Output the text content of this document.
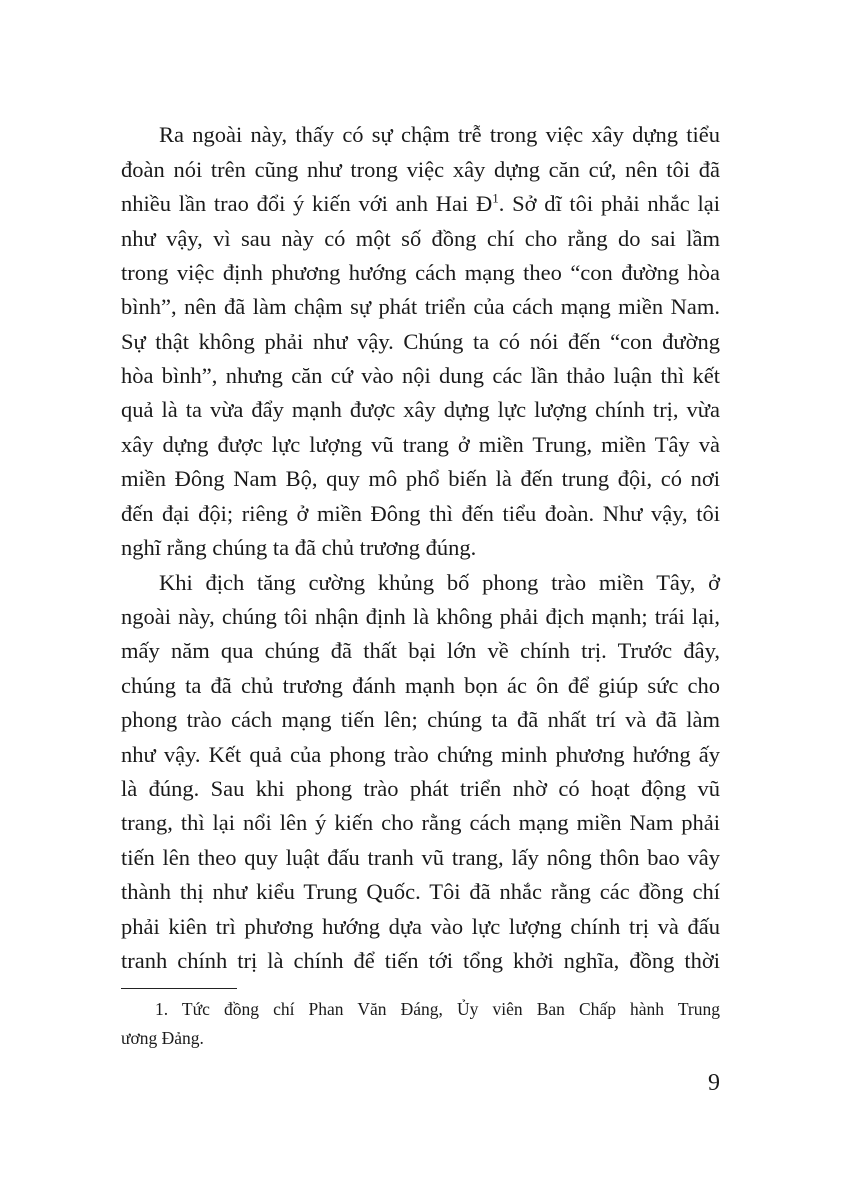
Ra ngoài này, thấy có sự chậm trễ trong việc xây dựng tiểu
đoàn nói trên cũng như trong việc xây dựng căn cứ, nên tôi đã
nhiều lần trao đổi ý kiến với anh Hai $Đ^1$. Sở dĩ tôi phải nhắc lại
như vậy, vì sau này có một số đồng chí cho rằng do sai lầm
trong việc định phương hướng cách mạng theo “con đường hòa
bình”, nên đã làm chậm sự phát triển của cách mạng miền Nam.
Sự thật không phải như vậy. Chúng ta có nói đến “con đường
hòa bình”, nhưng căn cứ vào nội dung các lần thảo luận thì kết
quả là ta vừa đẩy mạnh được xây dựng lực lượng chính trị, vừa
xây dựng được lực lượng vũ trang ở miền Trung, miền Tây và
miền Đông Nam Bộ, quy mô phổ biến là đến trung đội, có nơi
đến đại đội; riêng ở miền Đông thì đến tiểu đoàn. Như vậy, tôi
nghĩ rằng chúng ta đã chủ trương đúng.
Khi địch tăng cường khủng bố phong trào miền Tây, ở
ngoài này, chúng tôi nhận định là không phải địch mạnh; trái lại,
mấy năm qua chúng đã thất bại lớn về chính trị. Trước đây,
chúng ta đã chủ trương đánh mạnh bọn ác ôn để giúp sức cho
phong trào cách mạng tiến lên; chúng ta đã nhất trí và đã làm
như vậy. Kết quả của phong trào chứng minh phương hướng ấy
là đúng. Sau khi phong trào phát triển nhờ có hoạt động vũ
trang, thì lại nổi lên ý kiến cho rằng cách mạng miền Nam phải
tiến lên theo quy luật đấu tranh vũ trang, lấy nông thôn bao vây
thành thị như kiểu Trung Quốc. Tôi đã nhắc rằng các đồng chí
phải kiên trì phương hướng dựa vào lực lượng chính trị và đấu
tranh chính trị là chính để tiến tới tổng khởi nghĩa, đồng thời
1. Tức đồng chí Phan Văn Đáng, Ủy viên Ban Chấp hành Trung
ương Đảng.
9
